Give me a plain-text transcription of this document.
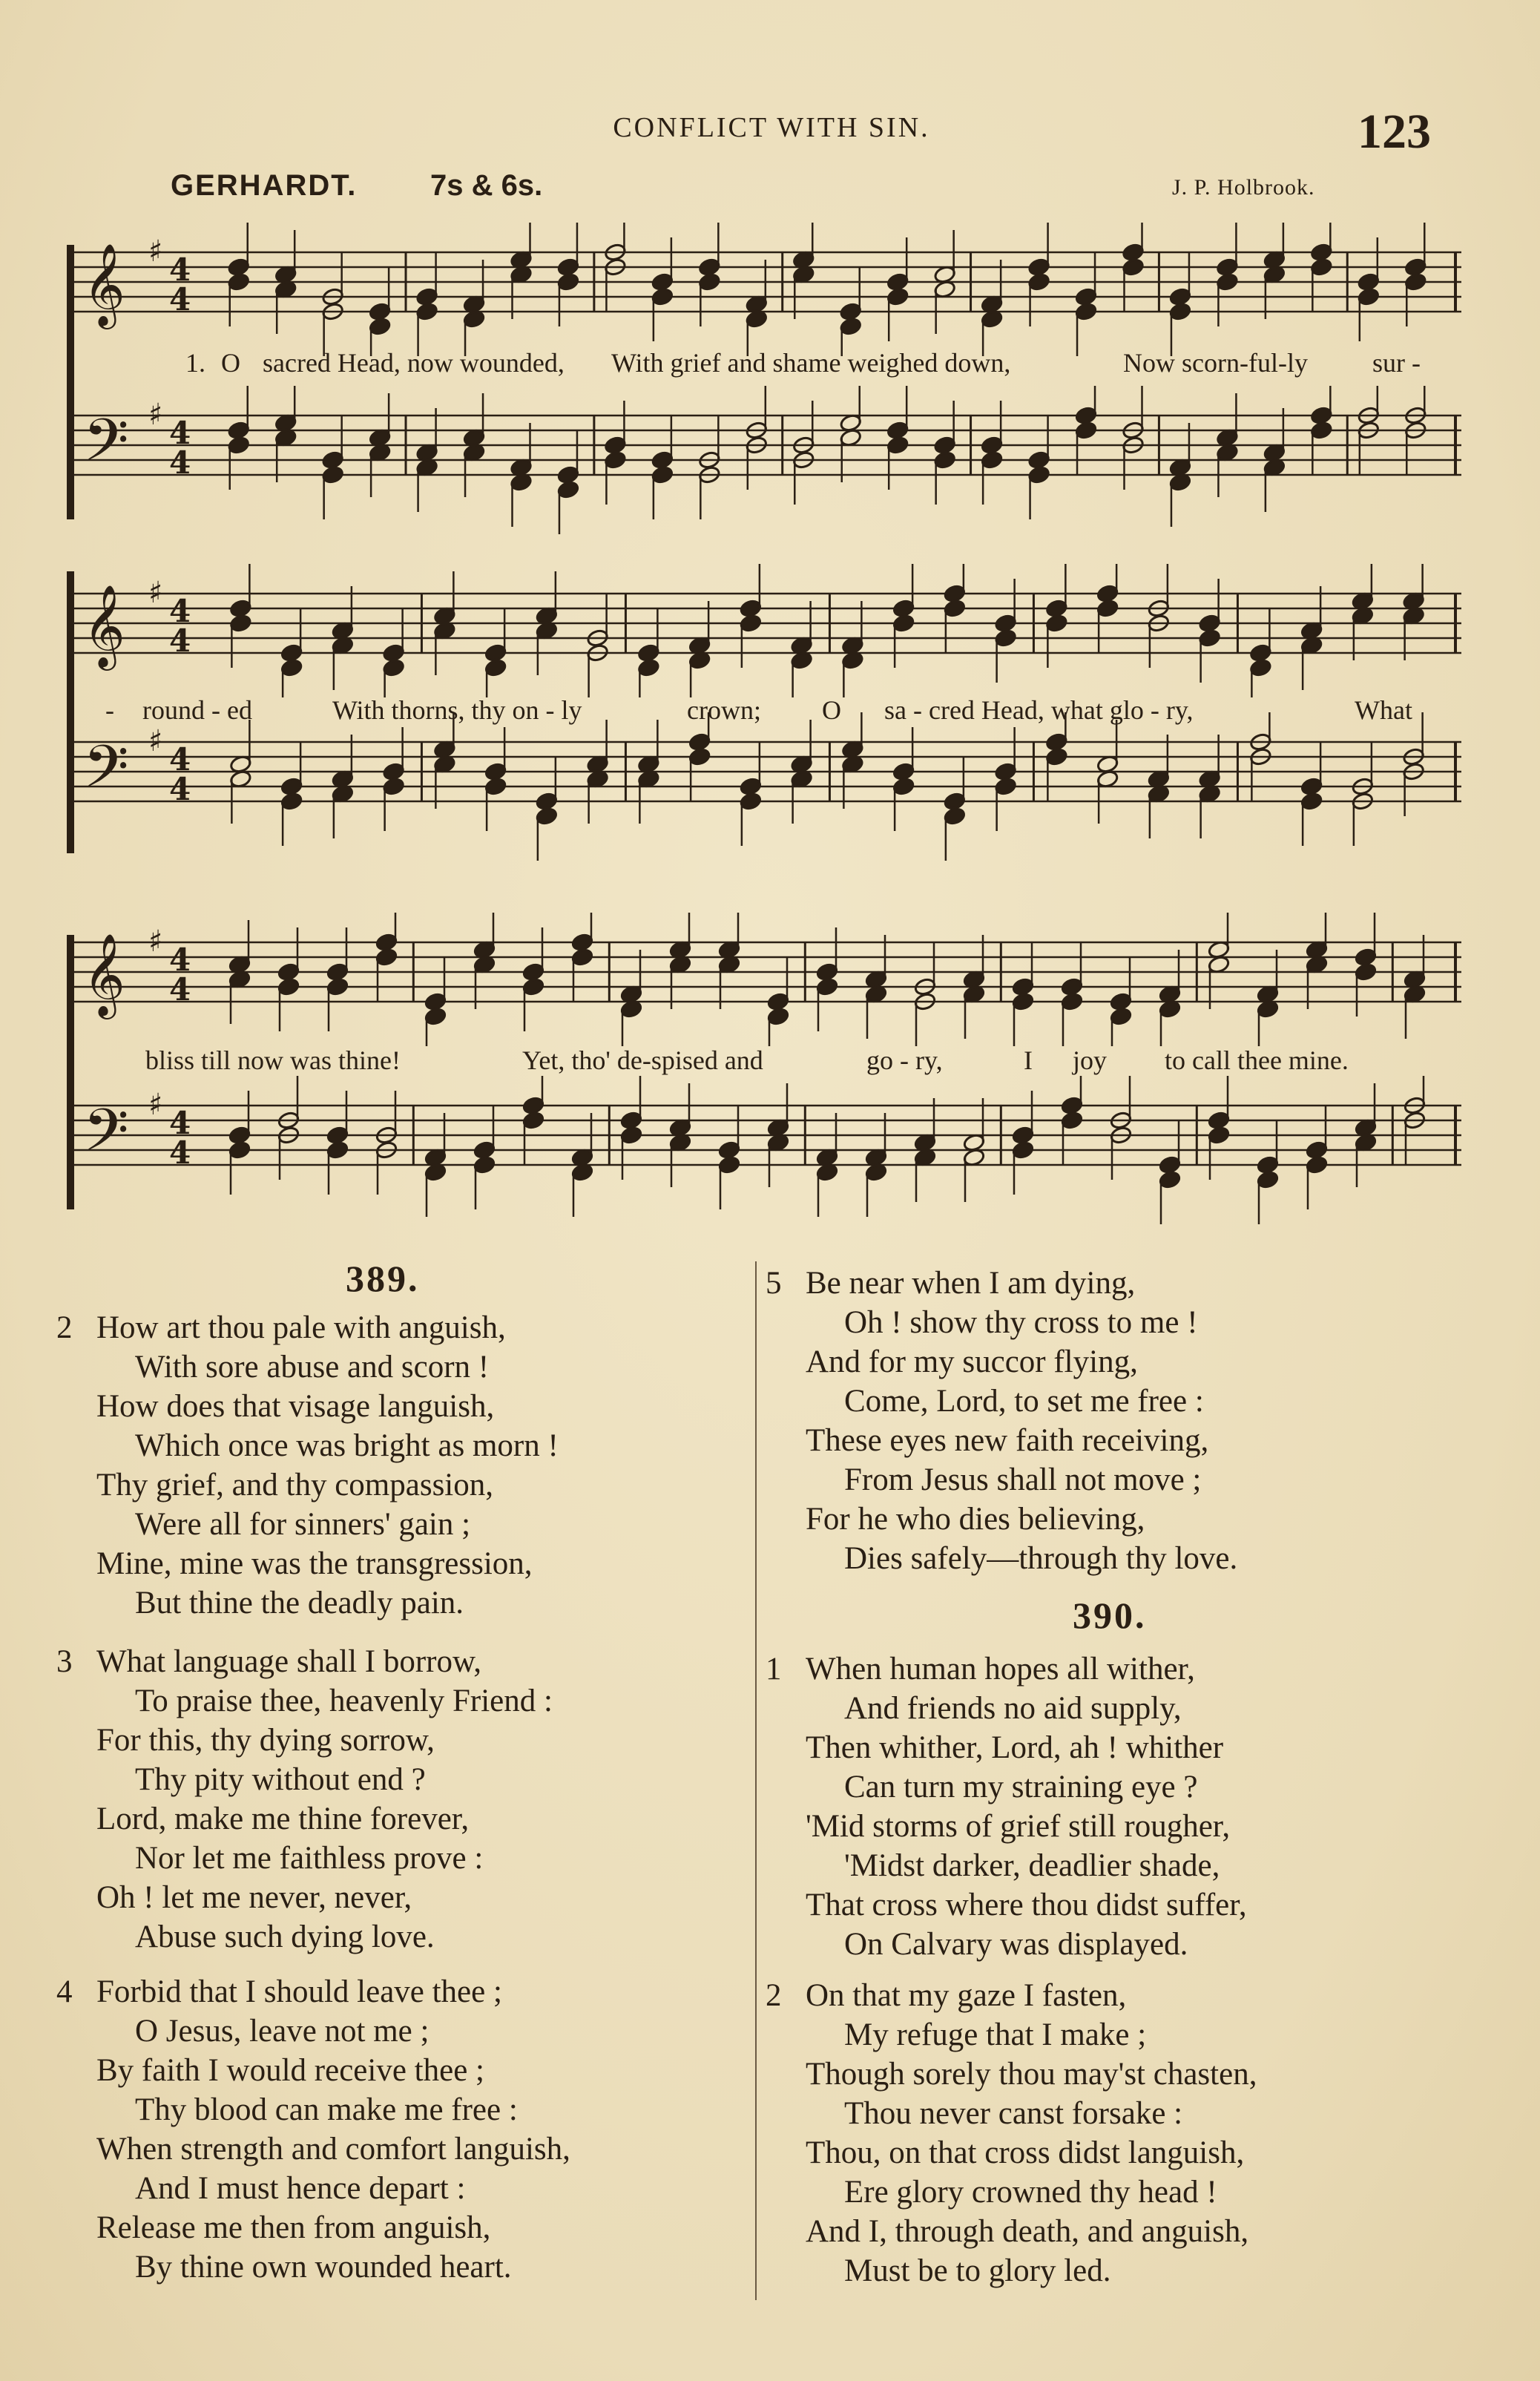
CONFLICT WITH SIN.	123
GERHARDT. 7s & 6s.	J. P. Holbrook.
𝄞 ♯ 4
4
𝄢 ♯ 4
4
1. O sacred Head, now wounded, With grief and shame weighed down,	Now scorn-ful-ly sur -
𝄞 ♯ 4
4
𝄢 ♯ 4
4
- round - ed	With thorns, thy on - ly	crown; O sa - cred Head, what glo - ry,	What
𝄞 ♯ 4
4
𝄢 ♯ 4
4
bliss till now was thine!	Yet, tho' de-spised and	go - ry,	I joy to call thee mine.
389.
2 How art thou pale with anguish,
With sore abuse and scorn !
How does that visage languish,
Which once was bright as morn !
Thy grief, and thy compassion,
Were all for sinners' gain ;
Mine, mine was the transgression,
But thine the deadly pain.
3 What language shall I borrow,
To praise thee, heavenly Friend :
For this, thy dying sorrow,
Thy pity without end ?
Lord, make me thine forever,
Nor let me faithless prove :
Oh ! let me never, never,
Abuse such dying love.
4 Forbid that I should leave thee ;
O Jesus, leave not me ;
By faith I would receive thee ;
Thy blood can make me free :
When strength and comfort languish,
And I must hence depart :
Release me then from anguish,
By thine own wounded heart.
5 Be near when I am dying,
Oh ! show thy cross to me !
And for my succor flying,
Come, Lord, to set me free :
These eyes new faith receiving,
From Jesus shall not move ;
For he who dies believing,
Dies safely—through thy love.
390.
1 When human hopes all wither,
And friends no aid supply,
Then whither, Lord, ah ! whither
Can turn my straining eye ?
'Mid storms of grief still rougher,
'Midst darker, deadlier shade,
That cross where thou didst suffer,
On Calvary was displayed.
2 On that my gaze I fasten,
My refuge that I make ;
Though sorely thou may'st chasten,
Thou never canst forsake :
Thou, on that cross didst languish,
Ere glory crowned thy head !
And I, through death, and anguish,
Must be to glory led.
